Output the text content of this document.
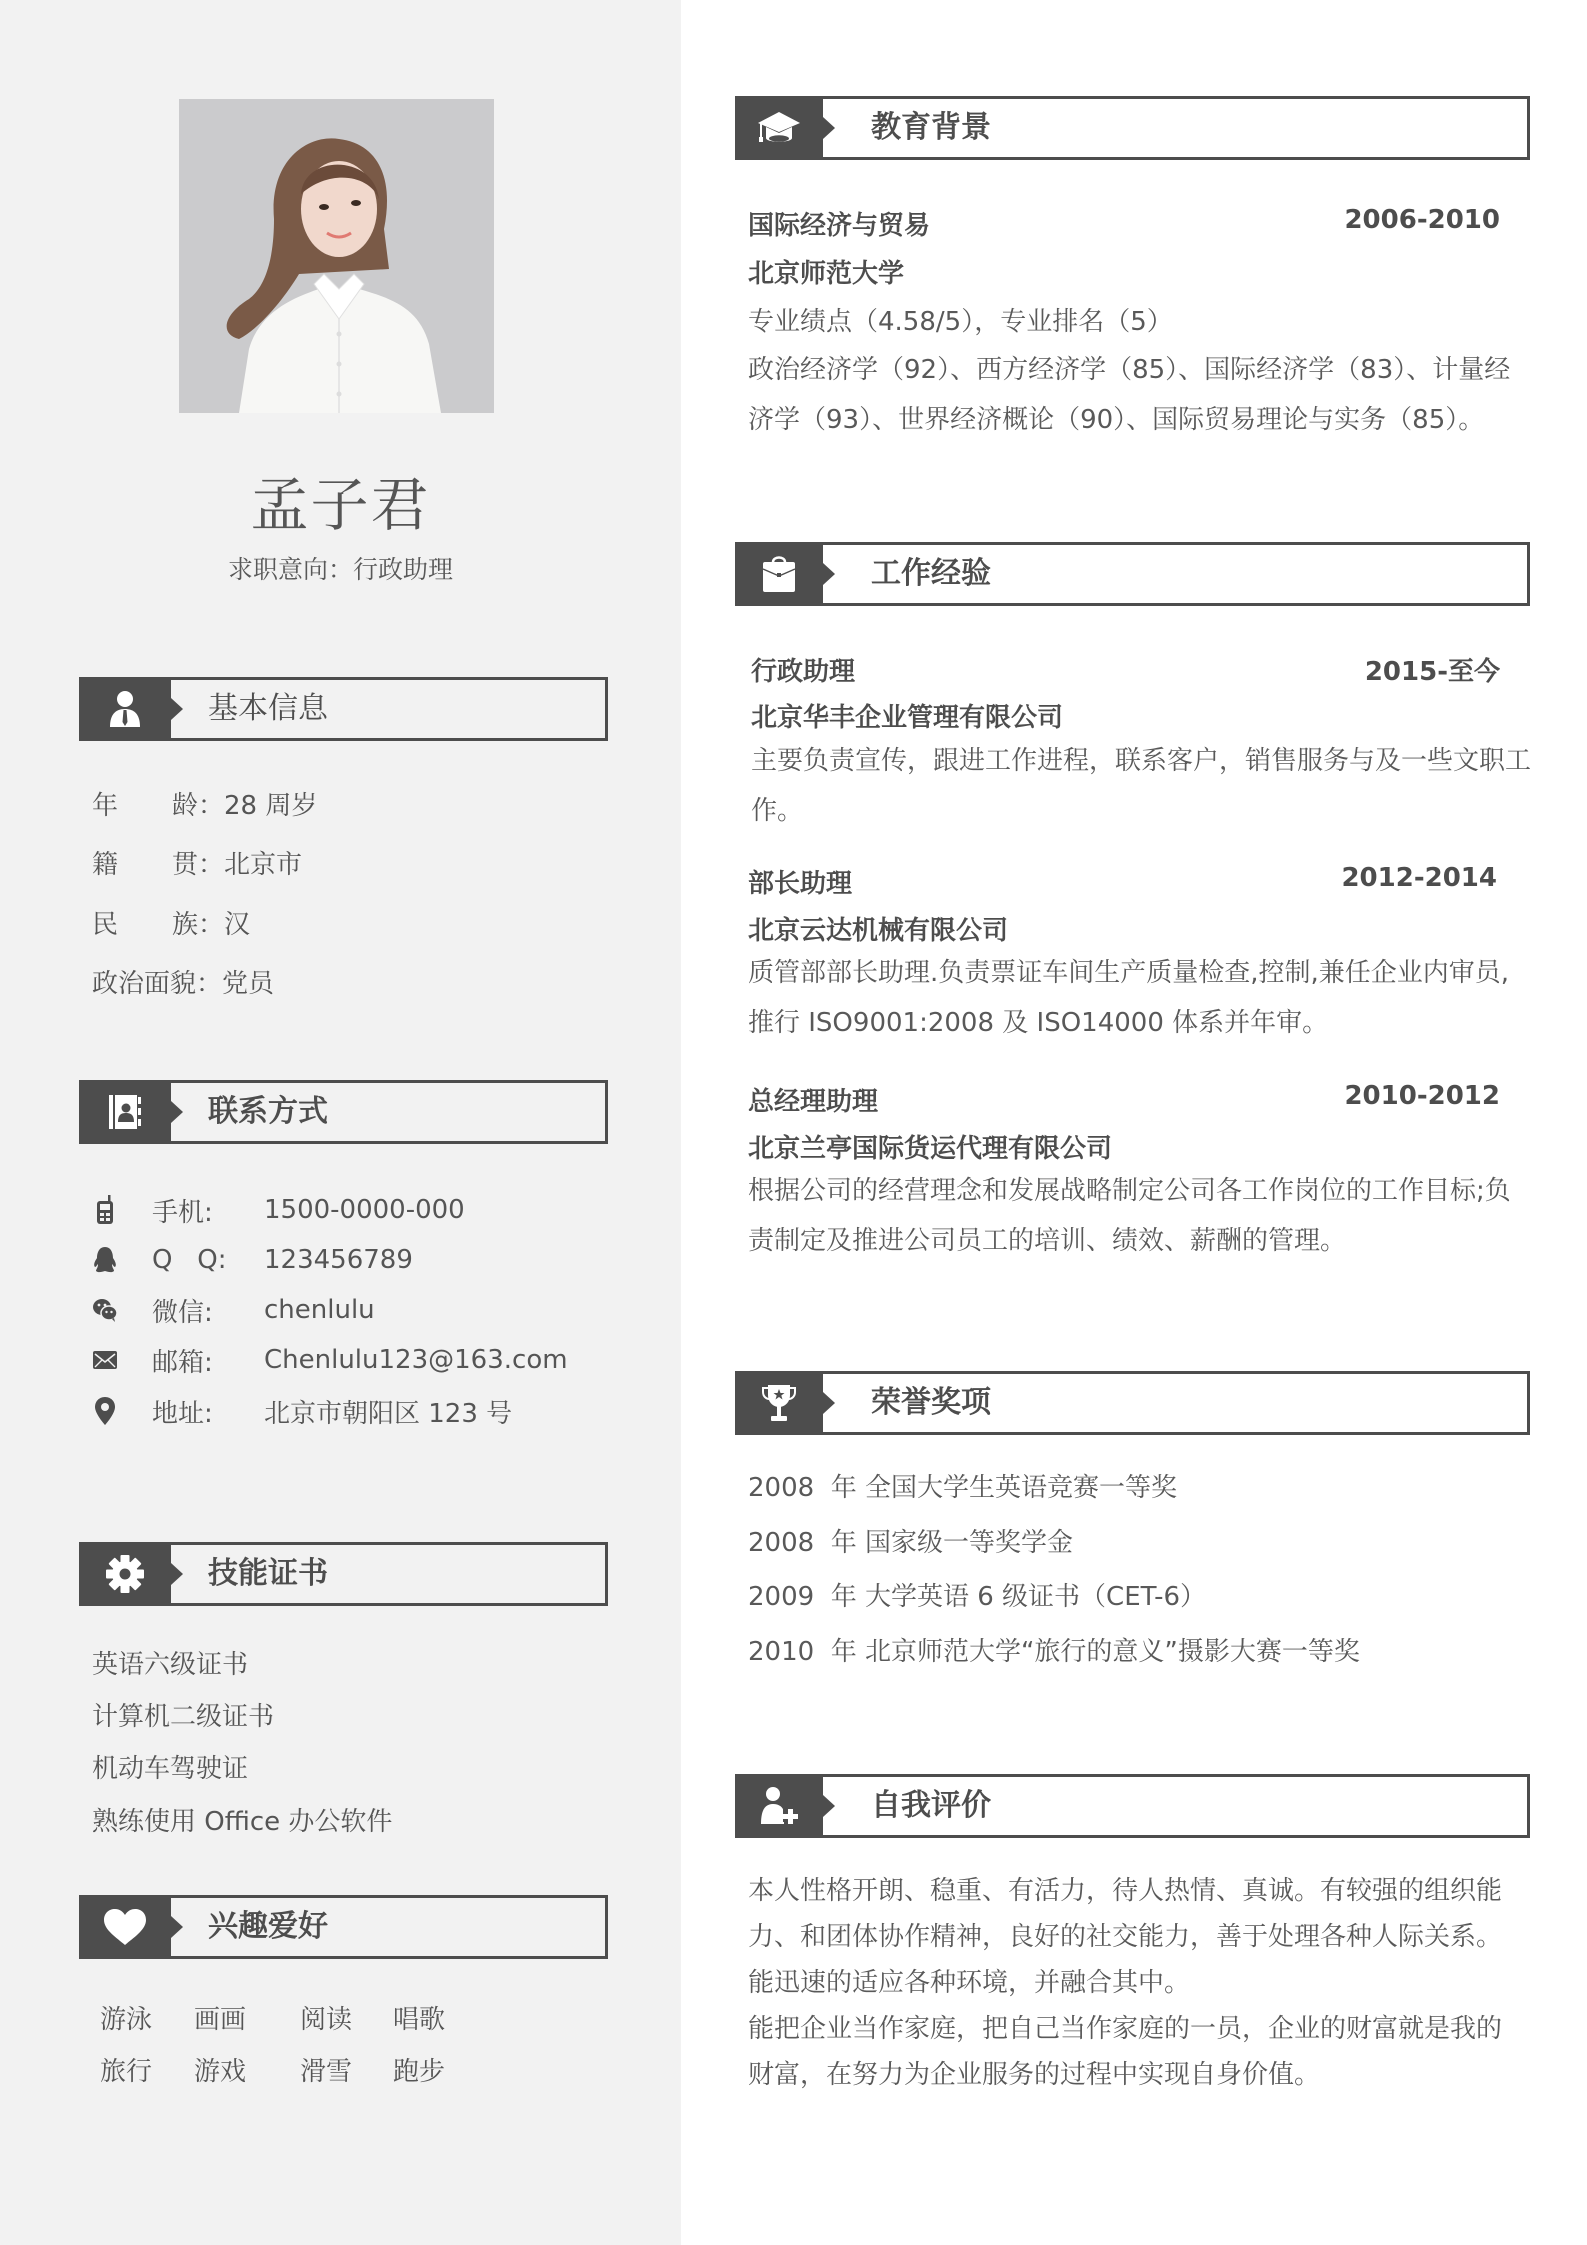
孟子君
求职意向：行政助理
基本信息
年 龄：28 周岁
籍 贯：北京市
民 族：汉
政治面貌：党员
联系方式
手机:	1500-0000-000
Q   Q:	123456789
微信:	chenlulu
邮箱:	Chenlulu123@163.com
地址:	北京市朝阳区 123 号
技能证书
英语六级证书
计算机二级证书
机动车驾驶证
熟练使用 Office 办公软件
兴趣爱好
游泳 画画 阅读 唱歌
旅行 游戏 滑雪 跑步
教育背景
国际经济与贸易	2006-2010
北京师范大学
专业绩点（4.58/5），专业排名（5）
政治经济学（92）、西方经济学（85）、国际经济学（83）、计量经济学（93）、世界经济概论（90）、国际贸易理论与实务（85）。
工作经验
行政助理	2015-至今
北京华丰企业管理有限公司
主要负责宣传，跟进工作进程，联系客户，销售服务与及一些文职工作。
部长助理	2012-2014
北京云达机械有限公司
质管部部长助理.负责票证车间生产质量检查,控制,兼任企业内审员,推行 ISO9001:2008 及 ISO14000 体系并年审。
总经理助理	2010-2012
北京兰亭国际货运代理有限公司
根据公司的经营理念和发展战略制定公司各工作岗位的工作目标;负责制定及推进公司员工的培训、绩效、薪酬的管理。
荣誉奖项
2008  年 全国大学生英语竞赛一等奖
2008  年 国家级一等奖学金
2009  年 大学英语 6 级证书（CET-6）
2010  年 北京师范大学“旅行的意义”摄影大赛一等奖
自我评价
本人性格开朗、稳重、有活力，待人热情、真诚。有较强的组织能力、和团体协作精神，良好的社交能力，善于处理各种人际关系。能迅速的适应各种环境，并融合其中。
能把企业当作家庭，把自己当作家庭的一员，企业的财富就是我的财富，在努力为企业服务的过程中实现自身价值。
